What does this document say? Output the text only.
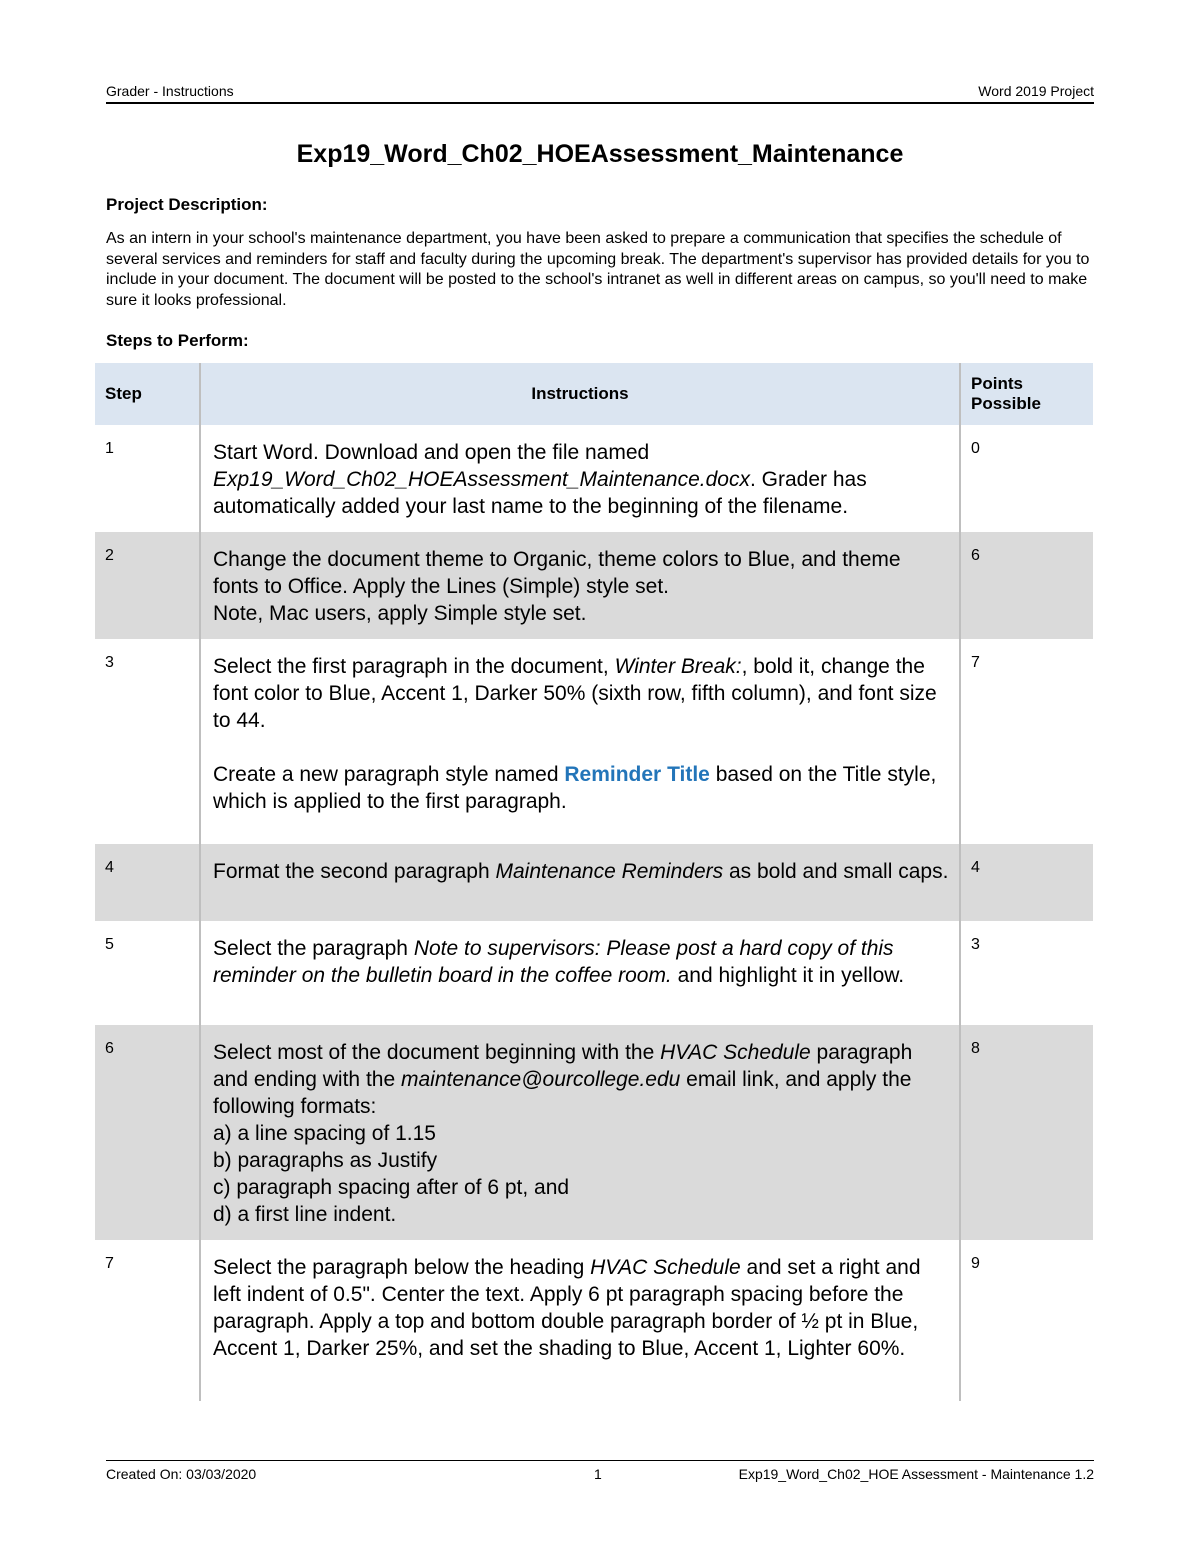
Grader - Instructions	Word 2019 Project
Exp19_Word_Ch02_HOEAssessment_Maintenance
Project Description:
As an intern in your school's maintenance department, you have been asked to prepare a communication that specifies the schedule of several services and reminders for staff and faculty during the upcoming break. The department's supervisor has provided details for you to include in your document. The document will be posted to the school's intranet as well in different areas on campus, so you'll need to make sure it looks professional.
Steps to Perform:
Step	Instructions	Points
Possible
1	Start Word. Download and open the file named Exp19_Word_Ch02_HOEAssessment_Maintenance.docx. Grader has automatically added your last name to the beginning of the filename.	0
2	Change the document theme to Organic, theme colors to Blue, and theme fonts to Office. Apply the Lines (Simple) style set.
Note, Mac users, apply Simple style set.	6
3	Select the first paragraph in the document, Winter Break:, bold it, change the font color to Blue, Accent 1, Darker 50% (sixth row, fifth column), and font size to 44.
Create a new paragraph style named Reminder Title based on the Title style, which is applied to the first paragraph.	7
4	Format the second paragraph Maintenance Reminders as bold and small caps.	4
5	Select the paragraph Note to supervisors: Please post a hard copy of this reminder on the bulletin board in the coffee room. and highlight it in yellow.	3
6	Select most of the document beginning with the HVAC Schedule paragraph and ending with the maintenance@ourcollege.edu email link, and apply the following formats:
a) a line spacing of 1.15
b) paragraphs as Justify
c) paragraph spacing after of 6 pt, and
d) a first line indent.	8
7	Select the paragraph below the heading HVAC Schedule and set a right and left indent of 0.5". Center the text. Apply 6 pt paragraph spacing before the paragraph. Apply a top and bottom double paragraph border of ½ pt in Blue, Accent 1, Darker 25%, and set the shading to Blue, Accent 1, Lighter 60%.	9
Created On: 03/03/2020	1	Exp19_Word_Ch02_HOE Assessment - Maintenance 1.2
